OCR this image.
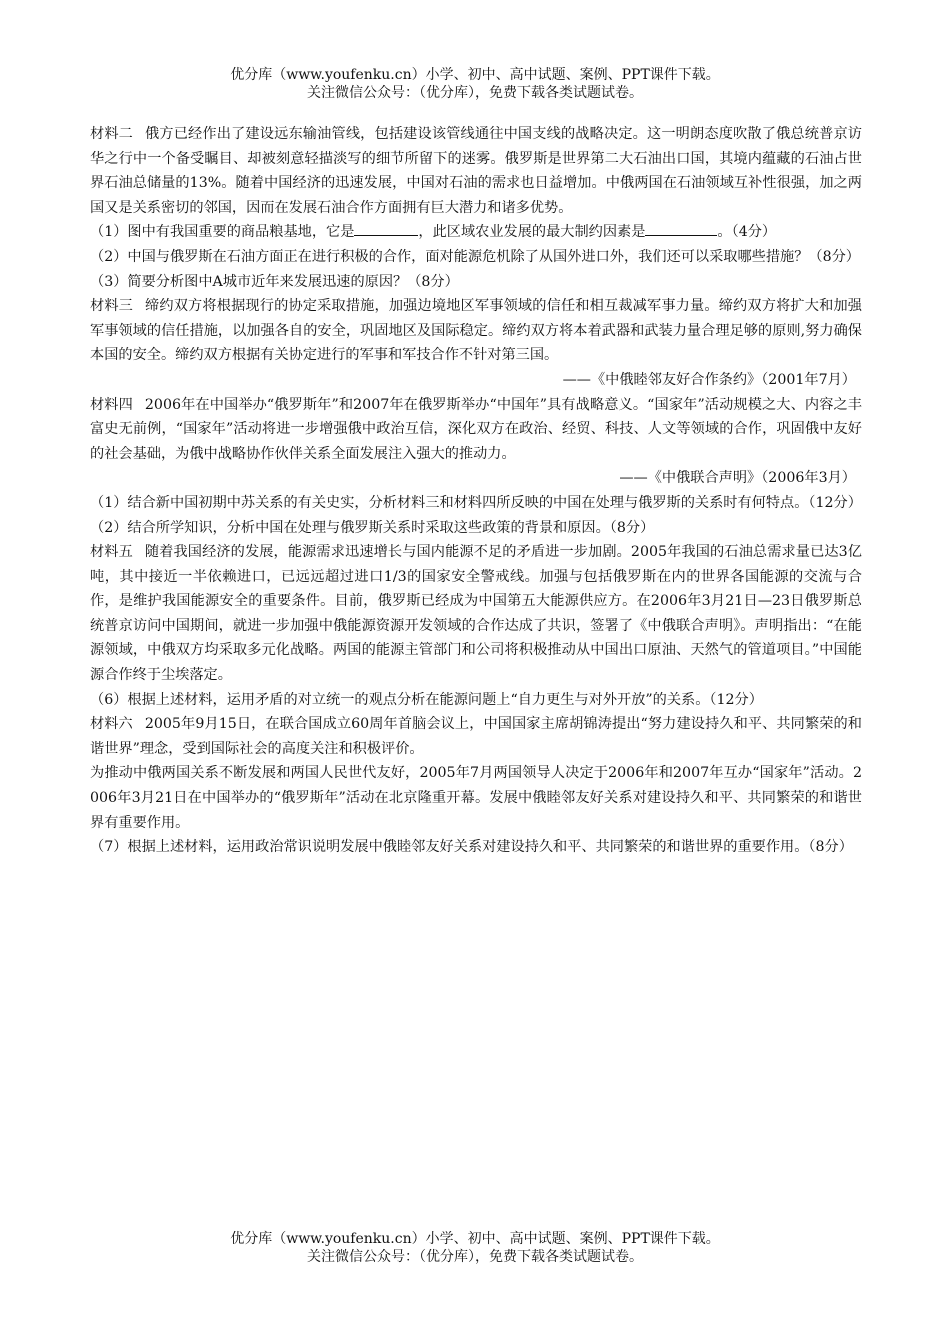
优分库（www.youfenku.cn）小学、初中、高中试题、案例、PPT课件下载。
关注微信公众号：（优分库），免费下载各类试题试卷。

材料二 俄方已经作出了建设远东输油管线，包括建设该管线通往中国支线的战略决定。这一明朗态度吹散了俄总统普京访华之行中一个备受瞩目、却被刻意轻描淡写的细节所留下的迷雾。俄罗斯是世界第二大石油出口国，其境内蕴藏的石油占世界石油总储量的13%。随着中国经济的迅速发展，中国对石油的需求也日益增加。中俄两国在石油领域互补性很强，加之两国又是关系密切的邻国，因而在发展石油合作方面拥有巨大潜力和诸多优势。

（1）图中有我国重要的商品粮基地，它是	，此区域农业发展的最大制约因素是	。（4分）

（2）中国与俄罗斯在石油方面正在进行积极的合作，面对能源危机除了从国外进口外，我们还可以采取哪些措施？（8分）

（3）简要分析图中A城市近年来发展迅速的原因？（8分）

材料三 缔约双方将根据现行的协定采取措施，加强边境地区军事领域的信任和相互裁减军事力量。缔约双方将扩大和加强军事领域的信任措施，以加强各自的安全，巩固地区及国际稳定。缔约双方将本着武器和武装力量合理足够的原则,努力确保本国的安全。缔约双方根据有关协定进行的军事和军技合作不针对第三国。

——《中俄睦邻友好合作条约》（2001年7月）

材料四 2006年在中国举办“俄罗斯年”和2007年在俄罗斯举办“中国年”具有战略意义。“国家年”活动规模之大、内容之丰富史无前例，“国家年”活动将进一步增强俄中政治互信，深化双方在政治、经贸、科技、人文等领域的合作，巩固俄中友好的社会基础，为俄中战略协作伙伴关系全面发展注入强大的推动力。

——《中俄联合声明》（2006年3月）

（1）结合新中国初期中苏关系的有关史实，分析材料三和材料四所反映的中国在处理与俄罗斯的关系时有何特点。（12分）

（2）结合所学知识，分析中国在处理与俄罗斯关系时采取这些政策的背景和原因。（8分）

材料五 随着我国经济的发展，能源需求迅速增长与国内能源不足的矛盾进一步加剧。2005年我国的石油总需求量已达3亿吨，其中接近一半依赖进口，已远远超过进口1/3的国家安全警戒线。加强与包括俄罗斯在内的世界各国能源的交流与合作，是维护我国能源安全的重要条件。目前，俄罗斯已经成为中国第五大能源供应方。在2006年3月21日—23日俄罗斯总统普京访问中国期间，就进一步加强中俄能源资源开发领域的合作达成了共识，签署了《中俄联合声明》。声明指出：“在能源领域，中俄双方均采取多元化战略。两国的能源主管部门和公司将积极推动从中国出口原油、天然气的管道项目。”中国能源合作终于尘埃落定。

（6）根据上述材料，运用矛盾的对立统一的观点分析在能源问题上“自力更生与对外开放”的关系。（12分）

材料六 2005年9月15日，在联合国成立60周年首脑会议上，中国国家主席胡锦涛提出“努力建设持久和平、共同繁荣的和谐世界”理念，受到国际社会的高度关注和积极评价。

为推动中俄两国关系不断发展和两国人民世代友好，2005年7月两国领导人决定于2006年和2007年互办“国家年”活动。2006年3月21日在中国举办的“俄罗斯年”活动在北京隆重开幕。发展中俄睦邻友好关系对建设持久和平、共同繁荣的和谐世界有重要作用。

（7）根据上述材料，运用政治常识说明发展中俄睦邻友好关系对建设持久和平、共同繁荣的和谐世界的重要作用。（8分）

优分库（www.youfenku.cn）小学、初中、高中试题、案例、PPT课件下载。
关注微信公众号：（优分库），免费下载各类试题试卷。
